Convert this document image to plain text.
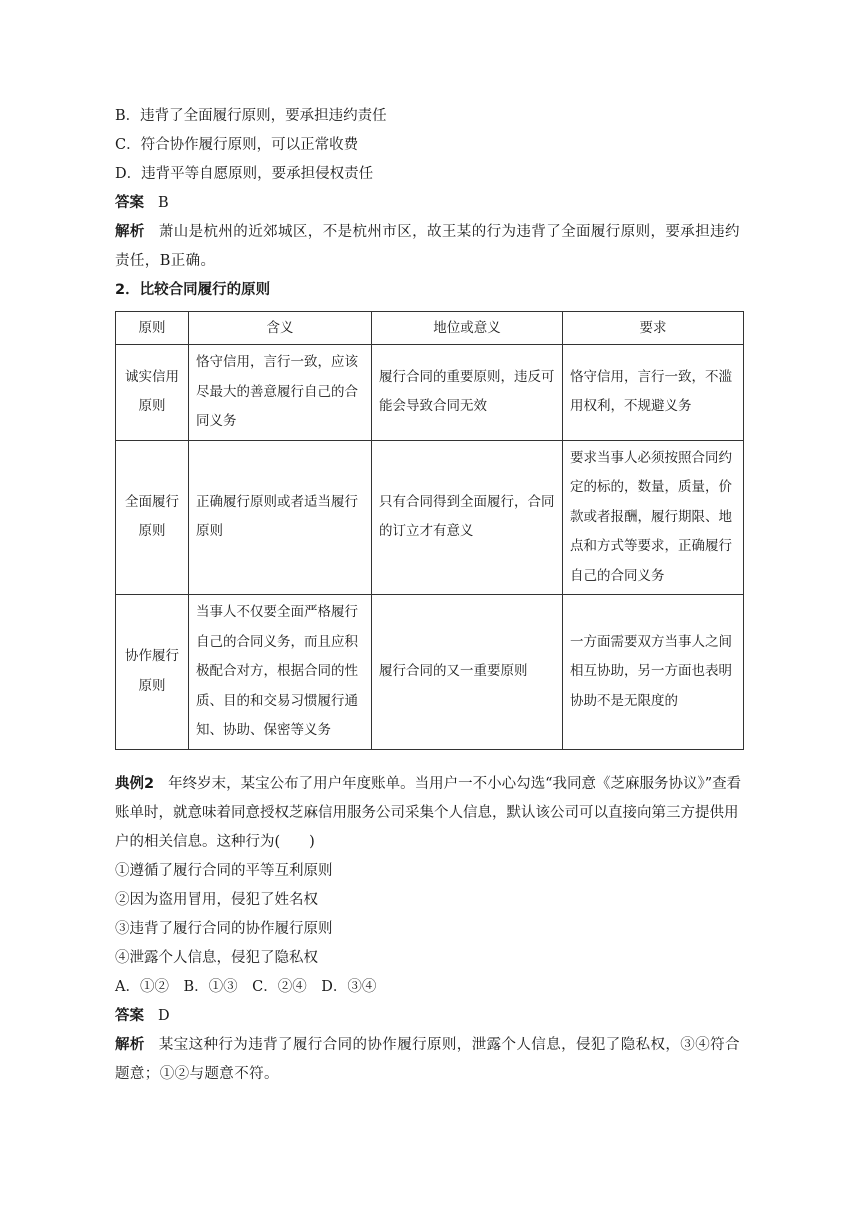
B．违背了全面履行原则，要承担违约责任
C．符合协作履行原则，可以正常收费
D．违背平等自愿原则，要承担侵权责任
答案 B
解析 萧山是杭州的近郊城区，不是杭州市区，故王某的行为违背了全面履行原则，要承担违约责任，B正确。
2．比较合同履行的原则
原则	含义	地位或意义	要求
诚实信用原则	恪守信用，言行一致，应该尽最大的善意履行自己的合同义务	履行合同的重要原则，违反可能会导致合同无效	恪守信用，言行一致，不滥用权利，不规避义务
全面履行原则	正确履行原则或者适当履行原则	只有合同得到全面履行，合同的订立才有意义	要求当事人必须按照合同约定的标的，数量，质量，价款或者报酬，履行期限、地点和方式等要求，正确履行自己的合同义务
协作履行原则	当事人不仅要全面严格履行自己的合同义务，而且应积极配合对方，根据合同的性质、目的和交易习惯履行通知、协助、保密等义务	履行合同的又一重要原则	一方面需要双方当事人之间相互协助，另一方面也表明协助不是无限度的
典例2 年终岁末，某宝公布了用户年度账单。当用户一不小心勾选“我同意《芝麻服务协议》”查看账单时，就意味着同意授权芝麻信用服务公司采集个人信息，默认该公司可以直接向第三方提供用户的相关信息。这种行为(　　)
①遵循了履行合同的平等互利原则
②因为盗用冒用，侵犯了姓名权
③违背了履行合同的协作履行原则
④泄露个人信息，侵犯了隐私权
A．①②　B．①③　C．②④　D．③④
答案 D
解析 某宝这种行为违背了履行合同的协作履行原则，泄露个人信息，侵犯了隐私权，③④符合题意；①②与题意不符。
